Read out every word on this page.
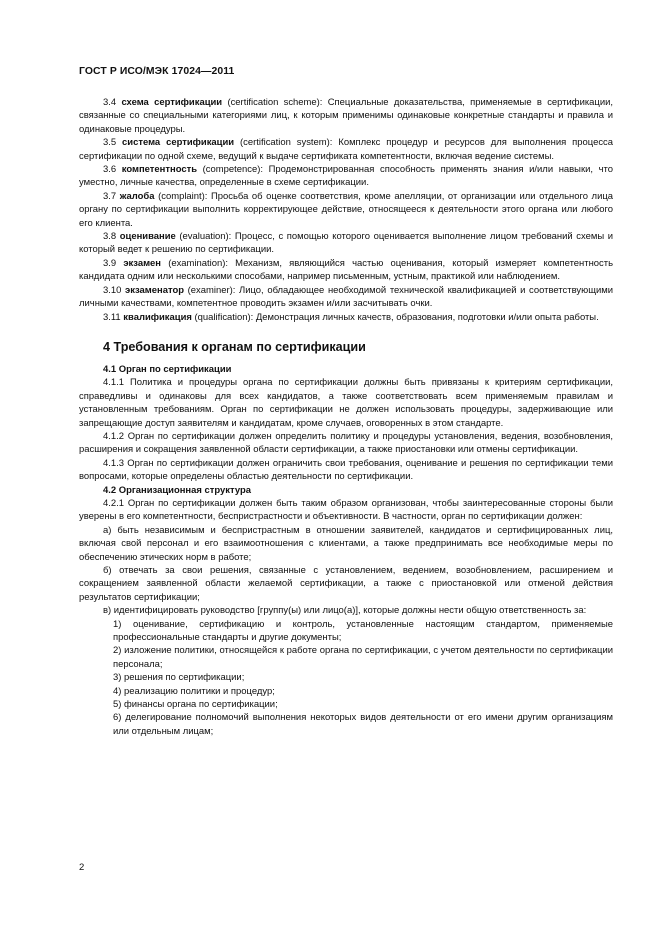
ГОСТ Р ИСО/МЭК 17024—2011

3.4 схема сертификации (certification scheme): Специальные доказательства, применяемые в сертификации, связанные со специальными категориями лиц, к которым применимы одинаковые конкретные стандарты и правила и одинаковые процедуры.

3.5 система сертификации (certification system): Комплекс процедур и ресурсов для выполнения процесса сертификации по одной схеме, ведущий к выдаче сертификата компетентности, включая ведение системы.

3.6 компетентность (competence): Продемонстрированная способность применять знания и/или навыки, что уместно, личные качества, определенные в схеме сертификации.

3.7 жалоба (complaint): Просьба об оценке соответствия, кроме апелляции, от организации или отдельного лица органу по сертификации выполнить корректирующее действие, относящееся к деятельности этого органа или любого его клиента.

3.8 оценивание (evaluation): Процесс, с помощью которого оценивается выполнение лицом требований схемы и который ведет к решению по сертификации.

3.9 экзамен (examination): Механизм, являющийся частью оценивания, который измеряет компетентность кандидата одним или несколькими способами, например письменным, устным, практикой или наблюдением.

3.10 экзаменатор (examiner): Лицо, обладающее необходимой технической квалификацией и соответствующими личными качествами, компетентное проводить экзамен и/или засчитывать очки.

3.11 квалификация (qualification): Демонстрация личных качеств, образования, подготовки и/или опыта работы.

4 Требования к органам по сертификации

4.1 Орган по сертификации

4.1.1 Политика и процедуры органа по сертификации должны быть привязаны к критериям сертификации, справедливы и одинаковы для всех кандидатов, а также соответствовать всем применяемым правилам и установленным требованиям. Орган по сертификации не должен использовать процедуры, задерживающие или запрещающие доступ заявителям и кандидатам, кроме случаев, оговоренных в этом стандарте.

4.1.2 Орган по сертификации должен определить политику и процедуры установления, ведения, возобновления, расширения и сокращения заявленной области сертификации, а также приостановки или отмены сертификации.

4.1.3 Орган по сертификации должен ограничить свои требования, оценивание и решения по сертификации теми вопросами, которые определены областью деятельности по сертификации.

4.2 Организационная структура

4.2.1 Орган по сертификации должен быть таким образом организован, чтобы заинтересованные стороны были уверены в его компетентности, беспристрастности и объективности. В частности, орган по сертификации должен:

а) быть независимым и беспристрастным в отношении заявителей, кандидатов и сертифицированных лиц, включая свой персонал и его взаимоотношения с клиентами, а также предпринимать все необходимые меры по обеспечению этических норм в работе;

б) отвечать за свои решения, связанные с установлением, ведением, возобновлением, расширением и сокращением заявленной области желаемой сертификации, а также с приостановкой или отменой действия результатов сертификации;

в) идентифицировать руководство [группу(ы) или лицо(а)], которые должны нести общую ответственность за:

1) оценивание, сертификацию и контроль, установленные настоящим стандартом, применяемые профессиональные стандарты и другие документы;

2) изложение политики, относящейся к работе органа по сертификации, с учетом деятельности по сертификации персонала;

3) решения по сертификации;

4) реализацию политики и процедур;

5) финансы органа по сертификации;

6) делегирование полномочий выполнения некоторых видов деятельности от его имени другим организациям или отдельным лицам;

2
